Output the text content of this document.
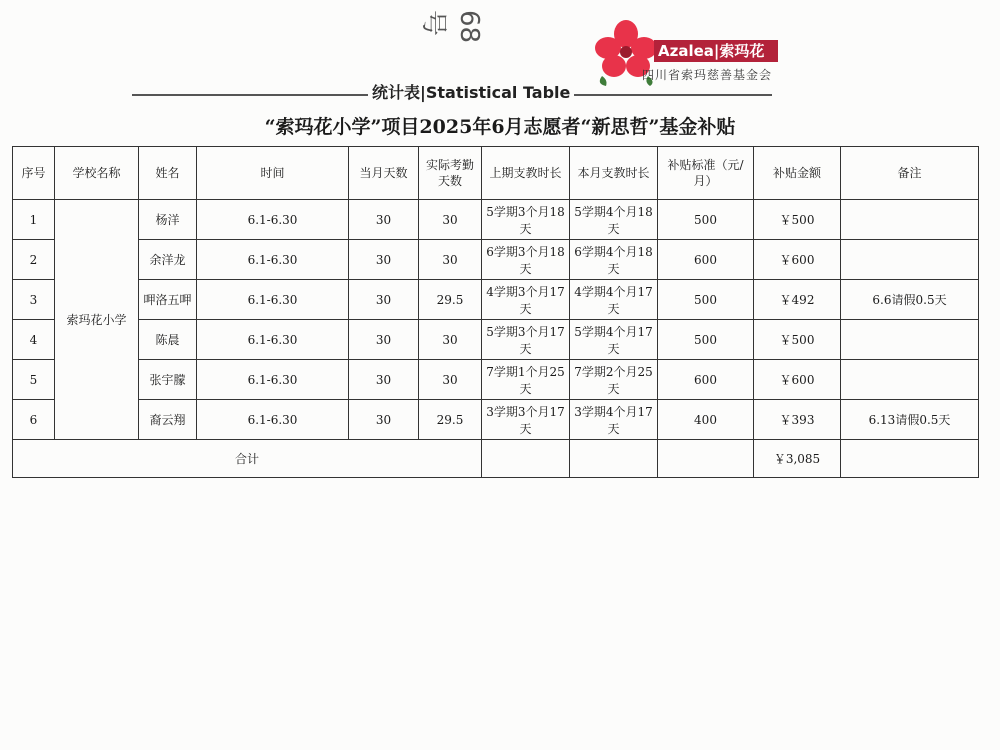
68号
Azalea|索玛花
四川省索玛慈善基金会
统计表|Statistical Table
“索玛花小学”项目2025年6月志愿者“新思哲”基金补贴
序号	学校名称	姓名	时间	当月天数	实际考勤天数	上期支教时长	本月支教时长	补贴标准（元/月）	补贴金额	备注
1	索玛花小学	杨洋	6.1-6.30	30	30	5学期3个月18天	5学期4个月18天	500	￥500	
2		余洋龙	6.1-6.30	30	30	6学期3个月18天	6学期4个月18天	600	￥600	
3		呷洛五呷	6.1-6.30	30	29.5	4学期3个月17天	4学期4个月17天	500	￥492	6.6请假0.5天
4		陈晨	6.1-6.30	30	30	5学期3个月17天	5学期4个月17天	500	￥500	
5		张宇朦	6.1-6.30	30	30	7学期1个月25天	7学期2个月25天	600	￥600	
6		裔云翔	6.1-6.30	30	29.5	3学期3个月17天	3学期4个月17天	400	￥393	6.13请假0.5天
合计									￥3,085	
